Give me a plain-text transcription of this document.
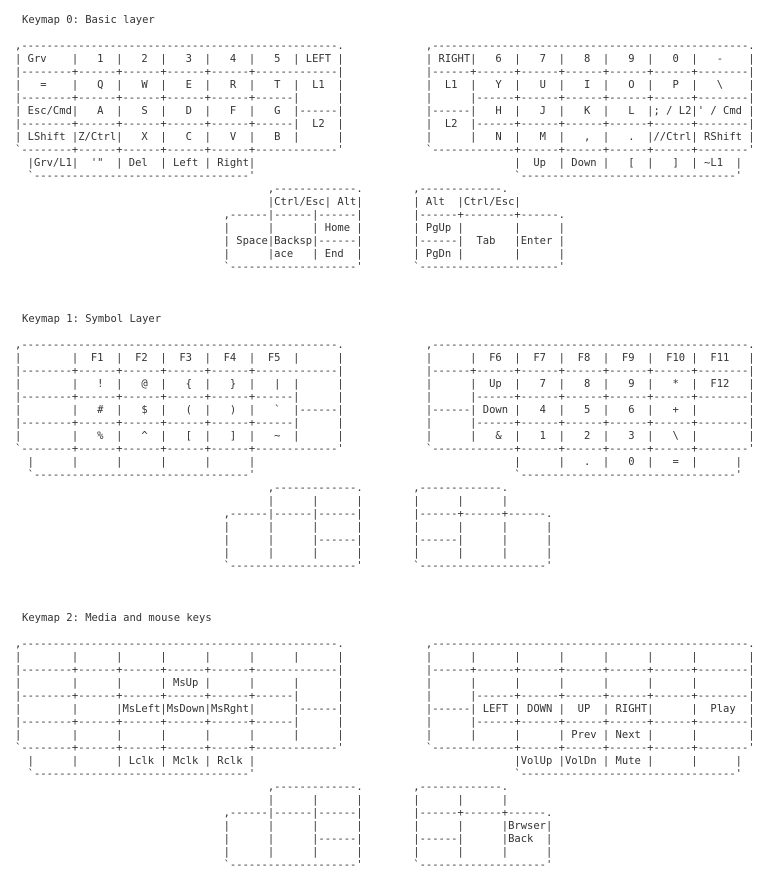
Keymap 0: Basic layer
,--------------------------------------------------.             ,--------------------------------------------------.
| Grv    |   1  |   2  |   3  |   4  |   5  | LEFT |             | RIGHT|   6  |   7  |   8  |   9  |   0  |   -    |
|--------+------+------+------+------+-------------|             |------+------+------+------+------+------+--------|
|   =    |   Q  |   W  |   E  |   R  |   T  |  L1  |             |  L1  |   Y  |   U  |   I  |   O  |   P  |   \    |
|--------+------+------+------+------+------|      |             |      |------+------+------+------+------+--------|
| Esc/Cmd|   A  |   S  |   D  |   F  |   G  |------|             |------|   H  |   J  |   K  |   L  |; / L2|' / Cmd |
|--------+------+------+------+------+------|  L2  |             |  L2  |------+------+------+------+------+--------|
| LShift |Z/Ctrl|   X  |   C  |   V  |   B  |      |             |      |   N  |   M  |   ,  |   .  |//Ctrl| RShift |
`--------+------+------+------+------+-------------'             `-------------+------+------+------+------+--------'
|Grv/L1|  '"  | Del  | Left | Right|                                         |  Up  | Down |   [  |   ]  | ~L1  |
`----------------------------------'                                         `----------------------------------'
,-------------.        ,-------------.
|Ctrl/Esc| Alt|        | Alt  |Ctrl/Esc|
,------|------|------|        |------+--------+------.
|      |      | Home |        | PgUp |        |      |
| Space|Backsp|------|        |------|  Tab   |Enter |
|      |ace   | End  |        | PgDn |        |      |
`--------------------'        `----------------------'
Keymap 1: Symbol Layer
,--------------------------------------------------.             ,--------------------------------------------------.
|        |  F1  |  F2  |  F3  |  F4  |  F5  |      |             |      |  F6  |  F7  |  F8  |  F9  |  F10 |  F11   |
|--------+------+------+------+------+-------------|             |------+------+------+------+------+------+--------|
|        |   !  |   @  |   {  |   }  |   |  |      |             |      |  Up  |   7  |   8  |   9  |   *  |  F12   |
|--------+------+------+------+------+------|      |             |      |------+------+------+------+------+--------|
|        |   #  |   $  |   (  |   )  |   `  |------|             |------| Down |   4  |   5  |   6  |   +  |        |
|--------+------+------+------+------+------|      |             |      |------+------+------+------+------+--------|
|        |   %  |   ^  |   [  |   ]  |   ~  |      |             |      |   &  |   1  |   2  |   3  |   \  |        |
`--------+------+------+------+------+-------------'             `-------------+------+------+------+------+--------'
|      |      |      |      |      |                                         |      |   .  |   0  |   =  |      |
`----------------------------------'                                         `----------------------------------'
,-------------.        ,-------------.
|      |      |        |      |      |
,------|------|------|        |------+------+------.
|      |      |      |        |      |      |      |
|      |      |------|        |------|      |      |
|      |      |      |        |      |      |      |
`--------------------'        `--------------------'
Keymap 2: Media and mouse keys
,--------------------------------------------------.             ,--------------------------------------------------.
|        |      |      |      |      |      |      |             |      |      |      |      |      |      |        |
|--------+------+------+------+------+-------------|             |------+------+------+------+------+------+--------|
|        |      |      | MsUp |      |      |      |             |      |      |      |      |      |      |        |
|--------+------+------+------+------+------|      |             |      |------+------+------+------+------+--------|
|        |      |MsLeft|MsDown|MsRght|      |------|             |------| LEFT | DOWN |  UP  | RIGHT|      |  Play  |
|--------+------+------+------+------+------|      |             |      |------+------+------+------+------+--------|
|        |      |      |      |      |      |      |             |      |      |      | Prev | Next |      |        |
`--------+------+------+------+------+-------------'             `-------------+------+------+------+------+--------'
|      |      | Lclk | Mclk | Rclk |                                         |VolUp |VolDn | Mute |      |      |
`----------------------------------'                                         `----------------------------------'
,-------------.        ,-------------.
|      |      |        |      |      |
,------|------|------|        |------+------+------.
|      |      |      |        |      |      |Brwser|
|      |      |------|        |------|      |Back  |
|      |      |      |        |      |      |      |
`--------------------'        `--------------------'
